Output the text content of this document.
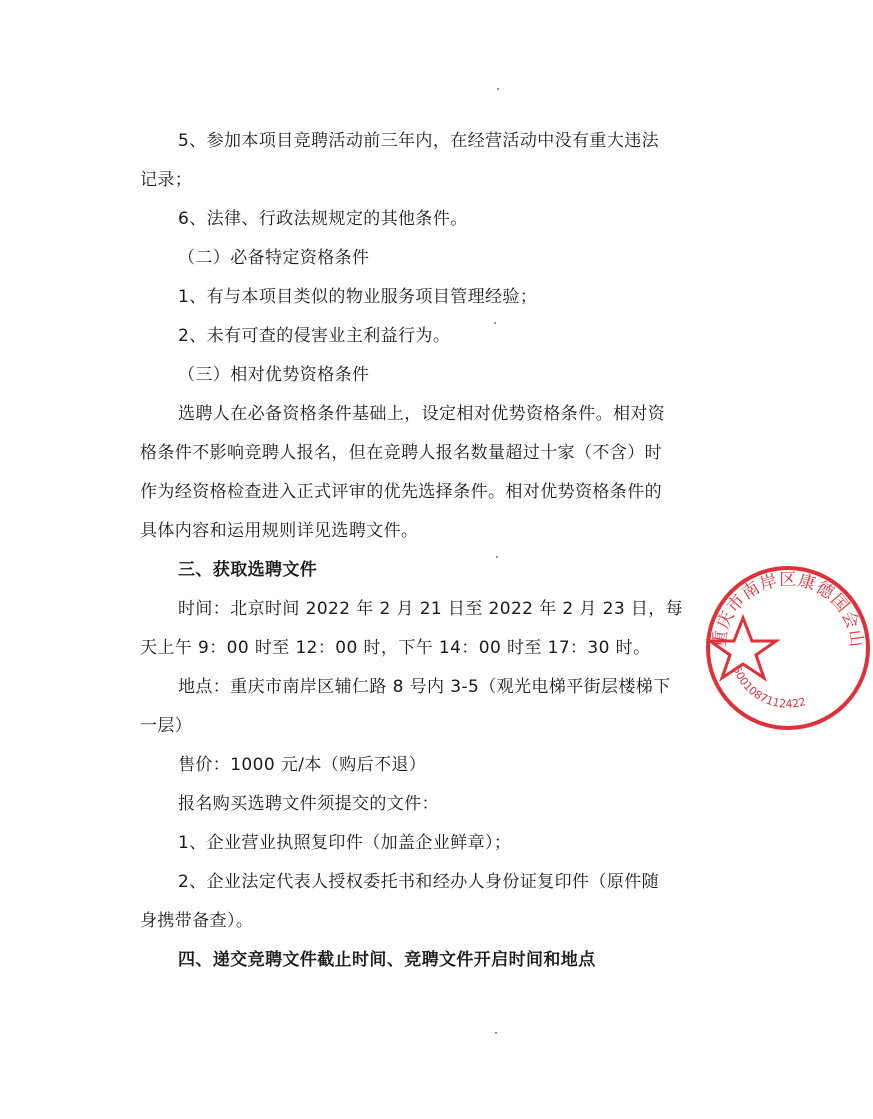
5、参加本项目竞聘活动前三年内，在经营活动中没有重大违法
记录；
6、法律、行政法规规定的其他条件。
（二）必备特定资格条件
1、有与本项目类似的物业服务项目管理经验；
2、未有可查的侵害业主利益行为。
（三）相对优势资格条件
选聘人在必备资格条件基础上，设定相对优势资格条件。相对资
格条件不影响竞聘人报名，但在竞聘人报名数量超过十家（不含）时
作为经资格检查进入正式评审的优先选择条件。相对优势资格条件的
具体内容和运用规则详见选聘文件。
三、获取选聘文件
时间：北京时间 2022 年 2 月 21 日至 2022 年 2 月 23 日，每
天上午 9：00 时至 12：00 时，下午 14：00 时至 17：30 时。
地点：重庆市南岸区辅仁路 8 号内 3-5（观光电梯平街层楼梯下
一层）
售价：1000 元/本（购后不退）
报名购买选聘文件须提交的文件：
1、企业营业执照复印件（加盖企业鲜章）；
2、企业法定代表人授权委托书和经办人身份证复印件（原件随
身携带备查）。
四、递交竞聘文件截止时间、竞聘文件开启时间和地点
重庆市南岸区康德国会山
5001087112422
